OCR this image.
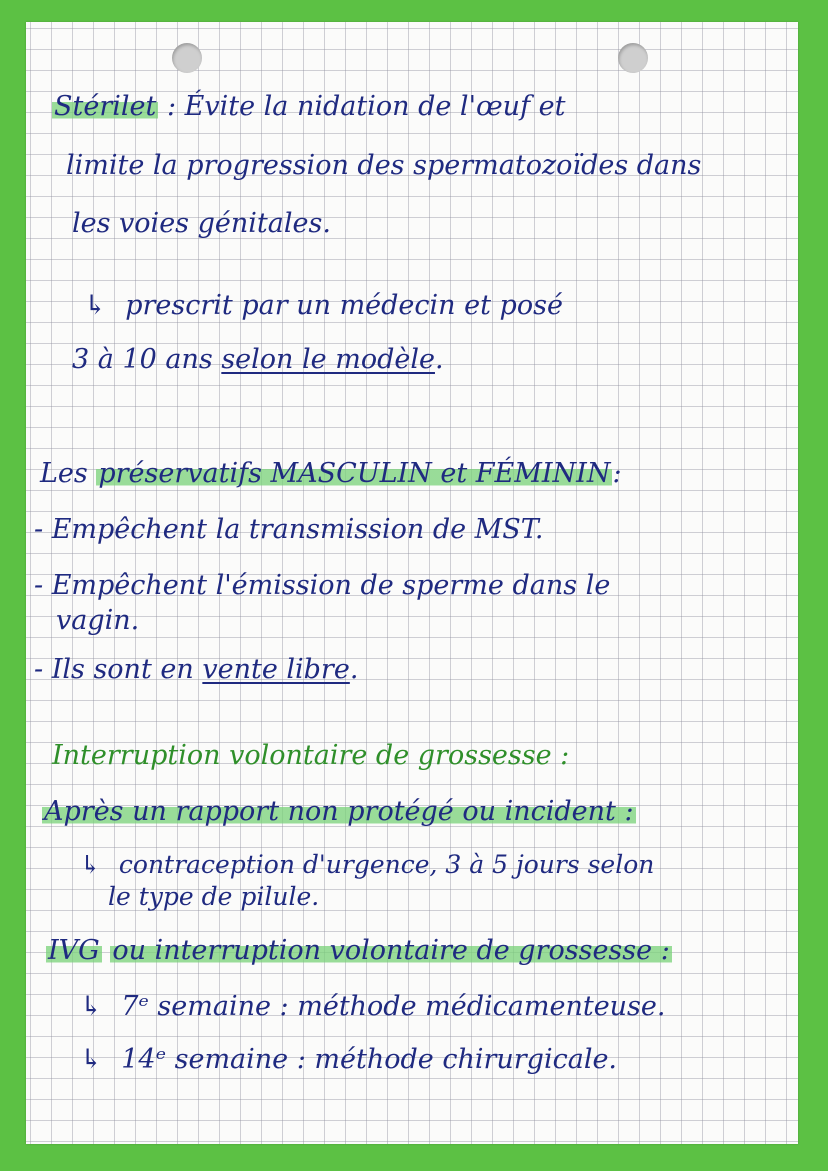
Stérilet : Évite la nidation de l'œuf et
limite la progression des spermatozoïdes dans
les voies génitales.
↳ prescrit par un médecin et posé
3 à 10 ans selon le modèle.
Les préservatifs MASCULIN et FÉMININ:
- Empêchent la transmission de MST.
- Empêchent l'émission de sperme dans le
vagin.
- Ils sont en vente libre.
Interruption volontaire de grossesse :
Après un rapport non protégé ou incident :
↳ contraception d'urgence, 3 à 5 jours selon
le type de pilule.
IVG ou interruption volontaire de grossesse :
↳ 7ᵉ semaine : méthode médicamenteuse.
↳ 14ᵉ semaine : méthode chirurgicale.
